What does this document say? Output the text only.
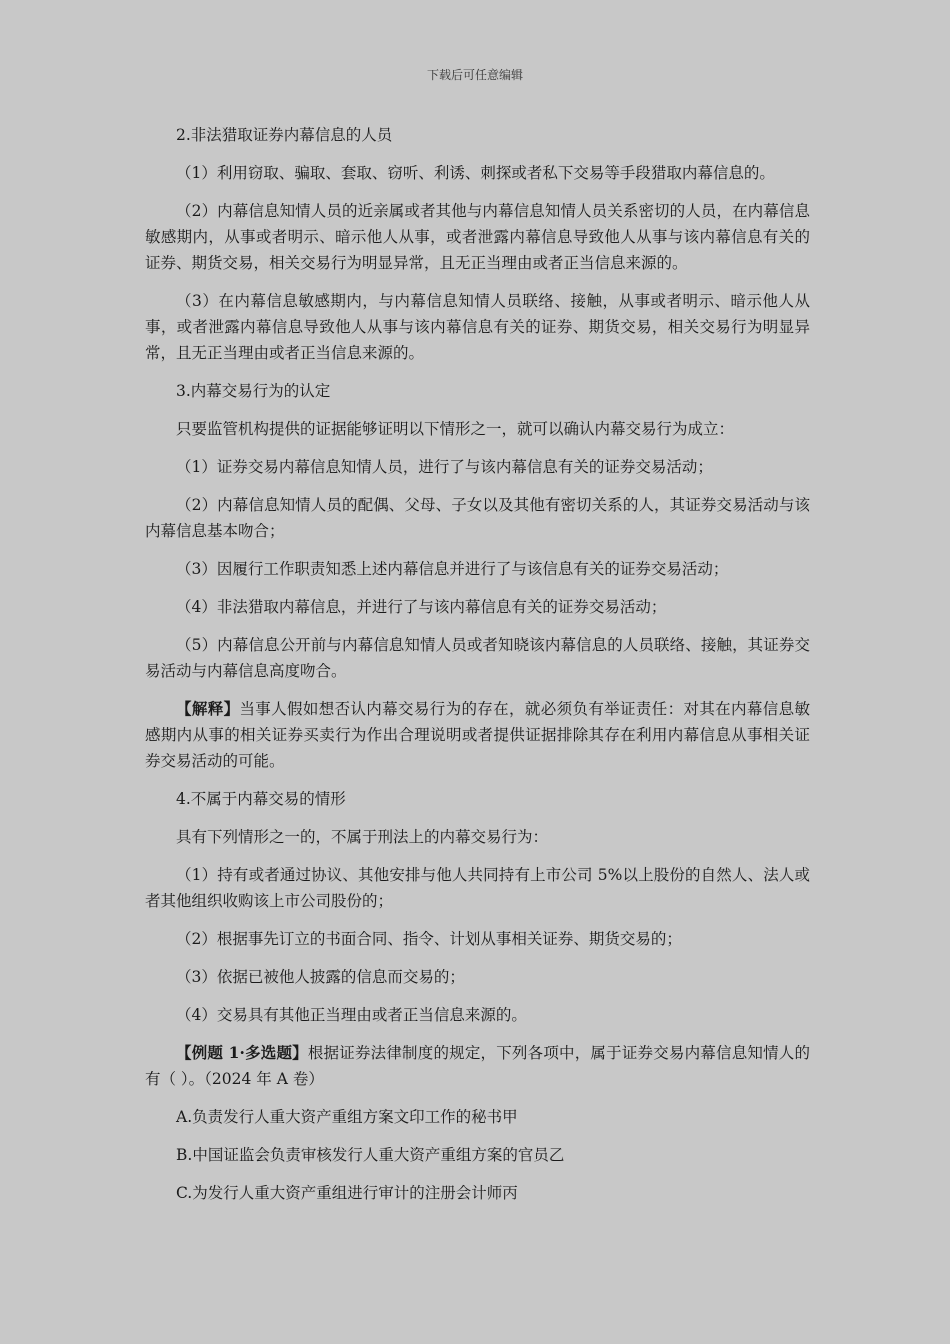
下载后可任意编辑

2.非法猎取证券内幕信息的人员

（1）利用窃取、骗取、套取、窃听、利诱、刺探或者私下交易等手段猎取内幕信息的。

（2）内幕信息知情人员的近亲属或者其他与内幕信息知情人员关系密切的人员，在内幕信息敏感期内，从事或者明示、暗示他人从事，或者泄露内幕信息导致他人从事与该内幕信息有关的证券、期货交易，相关交易行为明显异常，且无正当理由或者正当信息来源的。

（3）在内幕信息敏感期内，与内幕信息知情人员联络、接触，从事或者明示、暗示他人从事，或者泄露内幕信息导致他人从事与该内幕信息有关的证券、期货交易，相关交易行为明显异常，且无正当理由或者正当信息来源的。

3.内幕交易行为的认定

只要监管机构提供的证据能够证明以下情形之一，就可以确认内幕交易行为成立：

（1）证券交易内幕信息知情人员，进行了与该内幕信息有关的证券交易活动；

（2）内幕信息知情人员的配偶、父母、子女以及其他有密切关系的人，其证券交易活动与该内幕信息基本吻合；

（3）因履行工作职责知悉上述内幕信息并进行了与该信息有关的证券交易活动；

（4）非法猎取内幕信息，并进行了与该内幕信息有关的证券交易活动；

（5）内幕信息公开前与内幕信息知情人员或者知晓该内幕信息的人员联络、接触，其证券交易活动与内幕信息高度吻合。

【解释】当事人假如想否认内幕交易行为的存在，就必须负有举证责任：对其在内幕信息敏感期内从事的相关证券买卖行为作出合理说明或者提供证据排除其存在利用内幕信息从事相关证券交易活动的可能。

4.不属于内幕交易的情形

具有下列情形之一的，不属于刑法上的内幕交易行为：

（1）持有或者通过协议、其他安排与他人共同持有上市公司 5%以上股份的自然人、法人或者其他组织收购该上市公司股份的；

（2）根据事先订立的书面合同、指令、计划从事相关证券、期货交易的；

（3）依据已被他人披露的信息而交易的；

（4）交易具有其他正当理由或者正当信息来源的。

【例题 1·多选题】根据证券法律制度的规定，下列各项中，属于证券交易内幕信息知情人的有（ ）。（2024 年 A 卷）

A.负责发行人重大资产重组方案文印工作的秘书甲

B.中国证监会负责审核发行人重大资产重组方案的官员乙

C.为发行人重大资产重组进行审计的注册会计师丙
